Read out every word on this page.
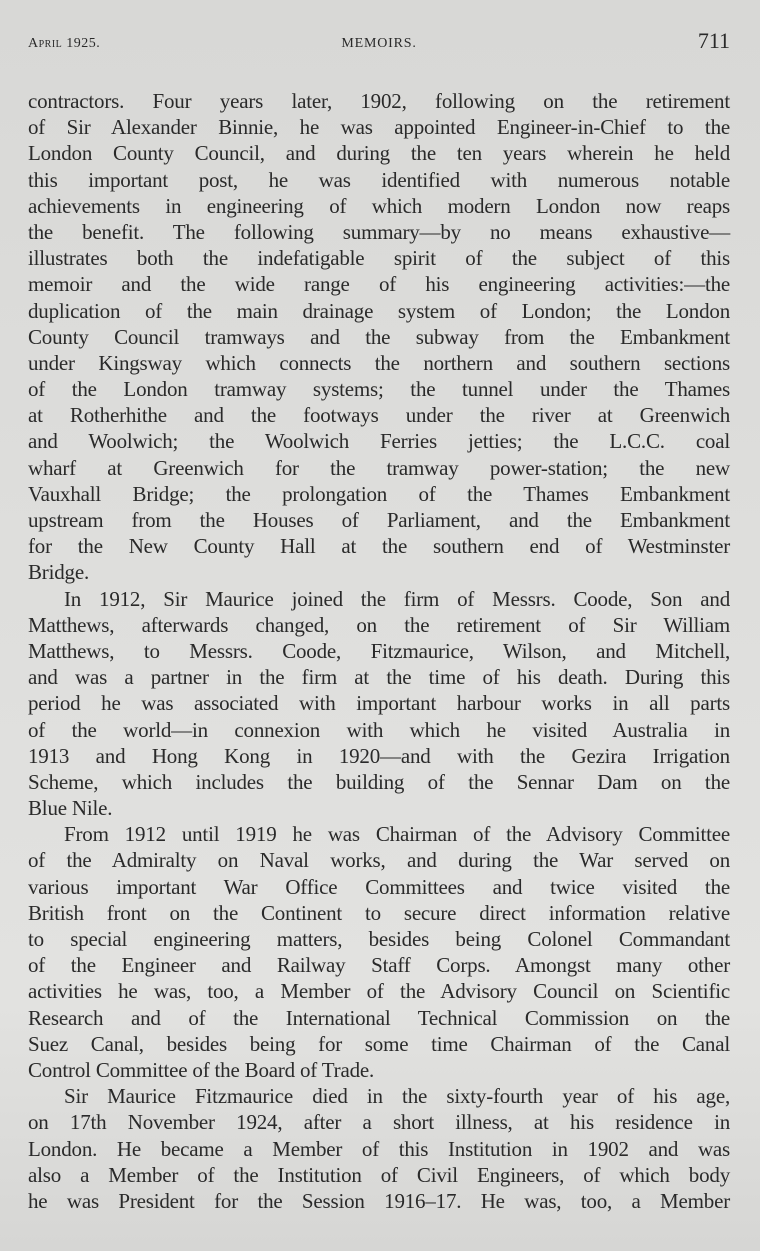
April 1925.	MEMOIRS.	711
contractors. Four years later, 1902, following on the retirement
of Sir Alexander Binnie, he was appointed Engineer-in-Chief to the
London County Council, and during the ten years wherein he held
this important post, he was identified with numerous notable
achievements in engineering of which modern London now reaps
the benefit. The following summary—by no means exhaustive—
illustrates both the indefatigable spirit of the subject of this
memoir and the wide range of his engineering activities:—the
duplication of the main drainage system of London; the London
County Council tramways and the subway from the Embankment
under Kingsway which connects the northern and southern sections
of the London tramway systems; the tunnel under the Thames
at Rotherhithe and the footways under the river at Greenwich
and Woolwich; the Woolwich Ferries jetties; the L.C.C. coal
wharf at Greenwich for the tramway power-station; the new
Vauxhall Bridge; the prolongation of the Thames Embankment
upstream from the Houses of Parliament, and the Embankment
for the New County Hall at the southern end of Westminster
Bridge.
In 1912, Sir Maurice joined the firm of Messrs. Coode, Son and
Matthews, afterwards changed, on the retirement of Sir William
Matthews, to Messrs. Coode, Fitzmaurice, Wilson, and Mitchell,
and was a partner in the firm at the time of his death. During this
period he was associated with important harbour works in all parts
of the world—in connexion with which he visited Australia in
1913 and Hong Kong in 1920—and with the Gezira Irrigation
Scheme, which includes the building of the Sennar Dam on the
Blue Nile.
From 1912 until 1919 he was Chairman of the Advisory Committee
of the Admiralty on Naval works, and during the War served on
various important War Office Committees and twice visited the
British front on the Continent to secure direct information relative
to special engineering matters, besides being Colonel Commandant
of the Engineer and Railway Staff Corps. Amongst many other
activities he was, too, a Member of the Advisory Council on Scientific
Research and of the International Technical Commission on the
Suez Canal, besides being for some time Chairman of the Canal
Control Committee of the Board of Trade.
Sir Maurice Fitzmaurice died in the sixty-fourth year of his age,
on 17th November 1924, after a short illness, at his residence in
London. He became a Member of this Institution in 1902 and was
also a Member of the Institution of Civil Engineers, of which body
he was President for the Session 1916–17. He was, too, a Member
